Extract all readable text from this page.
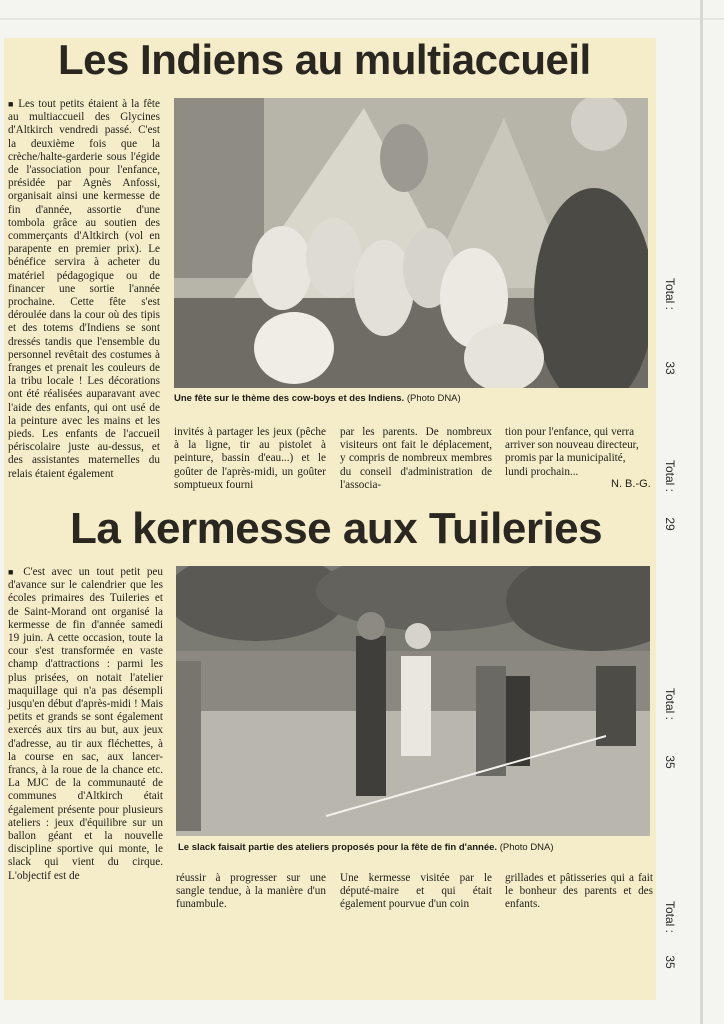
Les Indiens au multiaccueil

■ Les tout petits étaient à la fête au multiaccueil des Glycines d'Altkirch vendredi passé. C'est la deuxième fois que la crèche/halte-garderie sous l'égide de l'association pour l'enfance, présidée par Agnès Anfossi, organisait ainsi une kermesse de fin d'année, assortie d'une tombola grâce au soutien des commerçants d'Altkirch (vol en parapente en premier prix). Le bénéfice servira à acheter du matériel pédagogique ou de financer une sortie l'année prochaine. Cette fête s'est déroulée dans la cour où des tipis et des totems d'Indiens se sont dressés tandis que l'ensemble du personnel revêtait des costumes à franges et prenait les couleurs de la tribu locale ! Les décorations ont été réalisées auparavant avec l'aide des enfants, qui ont usé de la peinture avec les mains et les pieds. Les enfants de l'accueil périscolaire juste au-dessus, et des assistantes maternelles du relais étaient également

Une fête sur le thème des cow-boys et des Indiens. (Photo DNA)

invités à partager les jeux (pêche à la ligne, tir au pistolet à peinture, bassin d'eau...) et le goûter de l'après-midi, un goûter somptueux fourni

par les parents. De nombreux visiteurs ont fait le déplacement, y compris de nombreux membres du conseil d'administration de l'associa-

tion pour l'enfance, qui verra arriver son nouveau directeur, promis par la municipalité, lundi prochain...

N. B.-G.

La kermesse aux Tuileries

■ C'est avec un tout petit peu d'avance sur le calendrier que les écoles primaires des Tuileries et de Saint-Morand ont organisé la kermesse de fin d'année samedi 19 juin. A cette occasion, toute la cour s'est transformée en vaste champ d'attractions : parmi les plus prisées, on notait l'atelier maquillage qui n'a pas désempli jusqu'en début d'après-midi ! Mais petits et grands se sont également exercés aux tirs au but, aux jeux d'adresse, au tir aux fléchettes, à la course en sac, aux lancer-francs, à la roue de la chance etc. La MJC de la communauté de communes d'Altkirch était également présente pour plusieurs ateliers : jeux d'équilibre sur un ballon géant et la nouvelle discipline sportive qui monte, le slack qui vient du cirque. L'objectif est de

Le slack faisait partie des ateliers proposés pour la fête de fin d'année. (Photo DNA)

réussir à progresser sur une sangle tendue, à la manière d'un funambule.

Une kermesse visitée par le député-maire et qui était également pourvue d'un coin

grillades et pâtisseries qui a fait le bonheur des parents et des enfants.

Total :
33
Total :
29
Total :
35
Total :
35
